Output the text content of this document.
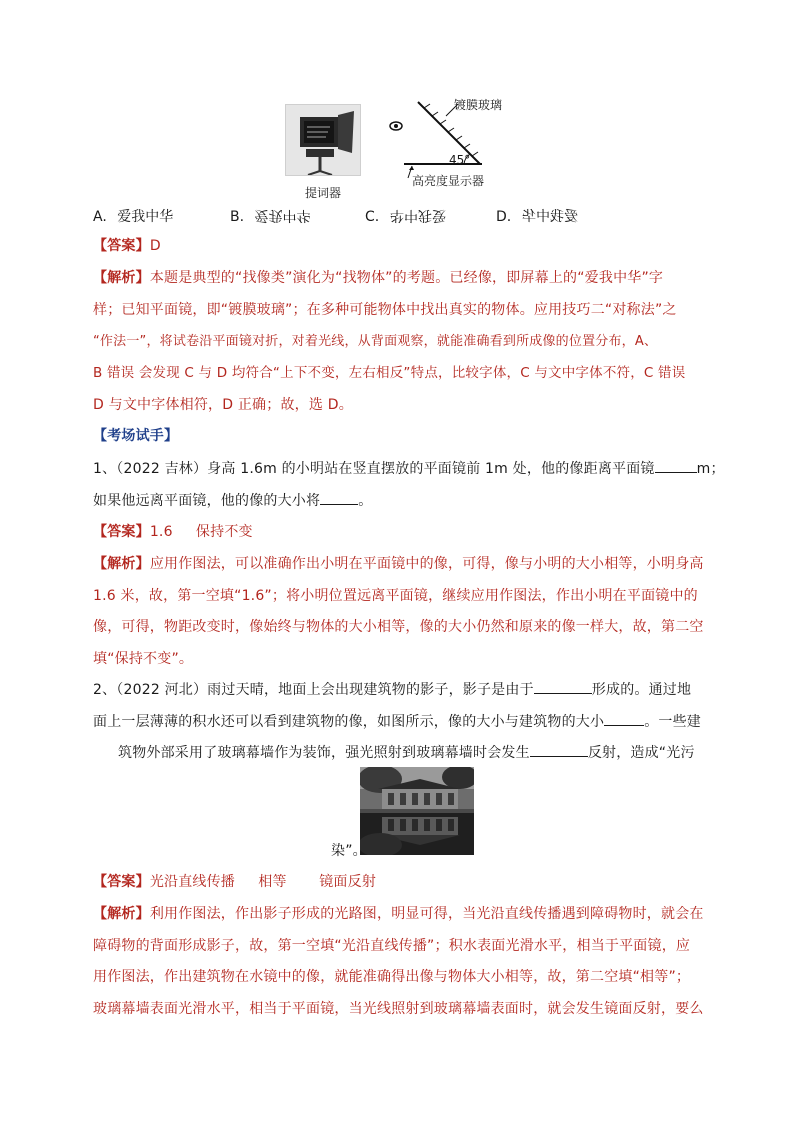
提词器
镀膜玻璃
45°
高亮度显示器
A. 爱我中华	B. 爱我中华	C. 爱我中华	D. 爱我中华
【答案】D
【解析】本题是典型的“找像类”演化为“找物体”的考题。已经像，即屏幕上的“爱我中华”字
样；已知平面镜，即“镀膜玻璃”；在多种可能物体中找出真实的物体。应用技巧二“对称法”之
“作法一”，将试卷沿平面镜对折，对着光线，从背面观察，就能准确看到所成像的位置分布，A、
B 错误 会发现 C 与 D 均符合“上下不变，左右相反”特点，比较字体，C 与文中字体不符，C 错误
D 与文中字体相符，D 正确；故，选 D。
【考场试手】
1、（2022 吉林）身高 1.6m 的小明站在竖直摆放的平面镜前 1m 处，他的像距离平面镜	m；
如果他远离平面镜，他的像的大小将	。
【答案】1.6     保持不变
【解析】应用作图法，可以准确作出小明在平面镜中的像，可得，像与小明的大小相等，小明身高
1.6 米，故，第一空填“1.6”；将小明位置远离平面镜，继续应用作图法，作出小明在平面镜中的
像，可得，物距改变时，像始终与物体的大小相等，像的大小仍然和原来的像一样大，故，第二空
填“保持不变”。
2、（2022 河北）雨过天晴，地面上会出现建筑物的影子，影子是由于	形成的。通过地
面上一层薄薄的积水还可以看到建筑物的像，如图所示，像的大小与建筑物的大小	。一些建
筑物外部采用了玻璃幕墙作为装饰，强光照射到玻璃幕墙时会发生	反射，造成“光污
染”。
【答案】光沿直线传播     相等       镜面反射
【解析】利用作图法，作出影子形成的光路图，明显可得，当光沿直线传播遇到障碍物时，就会在
障碍物的背面形成影子，故，第一空填“光沿直线传播”；积水表面光滑水平，相当于平面镜，应
用作图法，作出建筑物在水镜中的像，就能准确得出像与物体大小相等，故，第二空填“相等”；
玻璃幕墙表面光滑水平，相当于平面镜，当光线照射到玻璃幕墙表面时，就会发生镜面反射，要么
